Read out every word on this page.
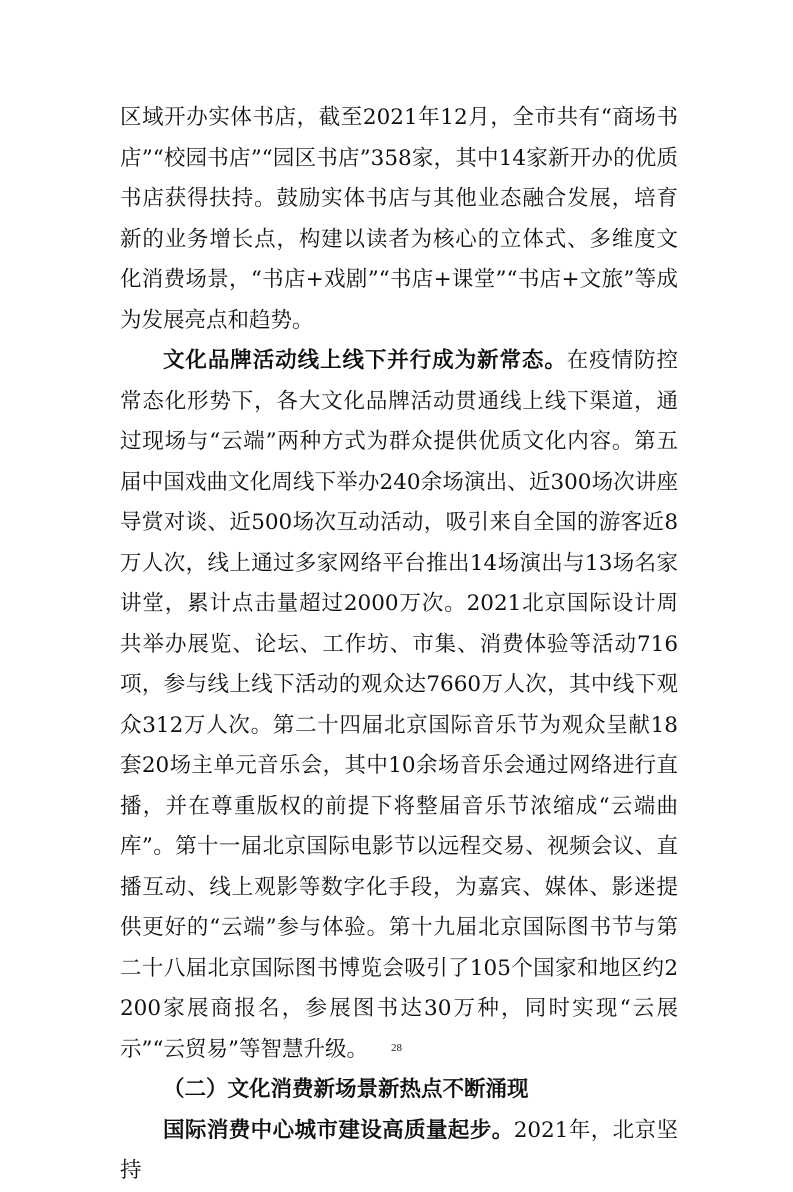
区域开办实体书店，截至2021年12月，全市共有“商场书店”“校园书店”“园区书店”358家，其中14家新开办的优质书店获得扶持。鼓励实体书店与其他业态融合发展，培育新的业务增长点，构建以读者为核心的立体式、多维度文化消费场景，“书店+戏剧”“书店+课堂”“书店+文旅”等成为发展亮点和趋势。

文化品牌活动线上线下并行成为新常态。在疫情防控常态化形势下，各大文化品牌活动贯通线上线下渠道，通过现场与“云端”两种方式为群众提供优质文化内容。第五届中国戏曲文化周线下举办240余场演出、近300场次讲座导赏对谈、近500场次互动活动，吸引来自全国的游客近8万人次，线上通过多家网络平台推出14场演出与13场名家讲堂，累计点击量超过2000万次。2021北京国际设计周共举办展览、论坛、工作坊、市集、消费体验等活动716项，参与线上线下活动的观众达7660万人次，其中线下观众312万人次。第二十四届北京国际音乐节为观众呈献18套20场主单元音乐会，其中10余场音乐会通过网络进行直播，并在尊重版权的前提下将整届音乐节浓缩成“云端曲库”。第十一届北京国际电影节以远程交易、视频会议、直播互动、线上观影等数字化手段，为嘉宾、媒体、影迷提供更好的“云端”参与体验。第十九届北京国际图书节与第二十八届北京国际图书博览会吸引了105个国家和地区约2200家展商报名，参展图书达30万种，同时实现“云展示”“云贸易”等智慧升级。

（二）文化消费新场景新热点不断涌现

国际消费中心城市建设高质量起步。2021年，北京坚持

28
